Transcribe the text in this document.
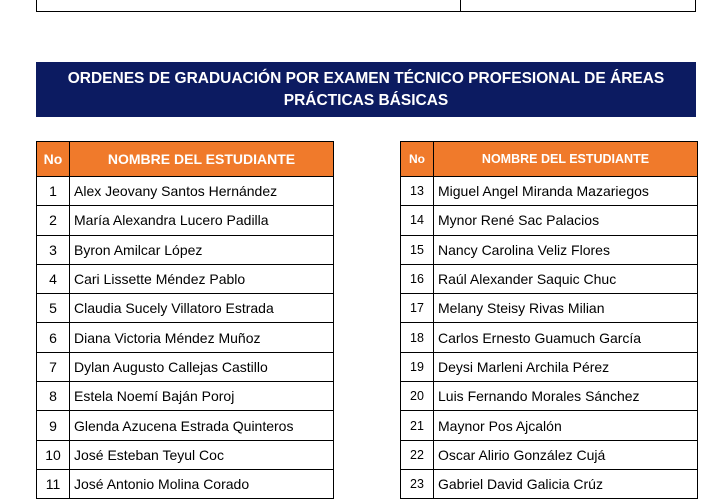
ORDENES DE GRADUACIÓN POR EXAMEN TÉCNICO PROFESIONAL DE ÁREAS PRÁCTICAS BÁSICAS
No	NOMBRE DEL ESTUDIANTE
1	Alex Jeovany Santos Hernández
2	María Alexandra Lucero Padilla
3	Byron Amilcar López
4	Cari Lissette Méndez Pablo
5	Claudia Sucely Villatoro Estrada
6	Diana Victoria Méndez Muñoz
7	Dylan Augusto Callejas Castillo
8	Estela Noemí Baján Poroj
9	Glenda Azucena Estrada Quinteros
10	José Esteban Teyul Coc
11	José Antonio Molina Corado
No	NOMBRE DEL ESTUDIANTE
13	Miguel Angel Miranda Mazariegos
14	Mynor René Sac Palacios
15	Nancy Carolina Veliz Flores
16	Raúl Alexander Saquic Chuc
17	Melany Steisy Rivas Milian
18	Carlos Ernesto Guamuch García
19	Deysi Marleni Archila Pérez
20	Luis Fernando Morales Sánchez
21	Maynor Pos Ajcalón
22	Oscar Alirio González Cujá
23	Gabriel David Galicia Crúz
